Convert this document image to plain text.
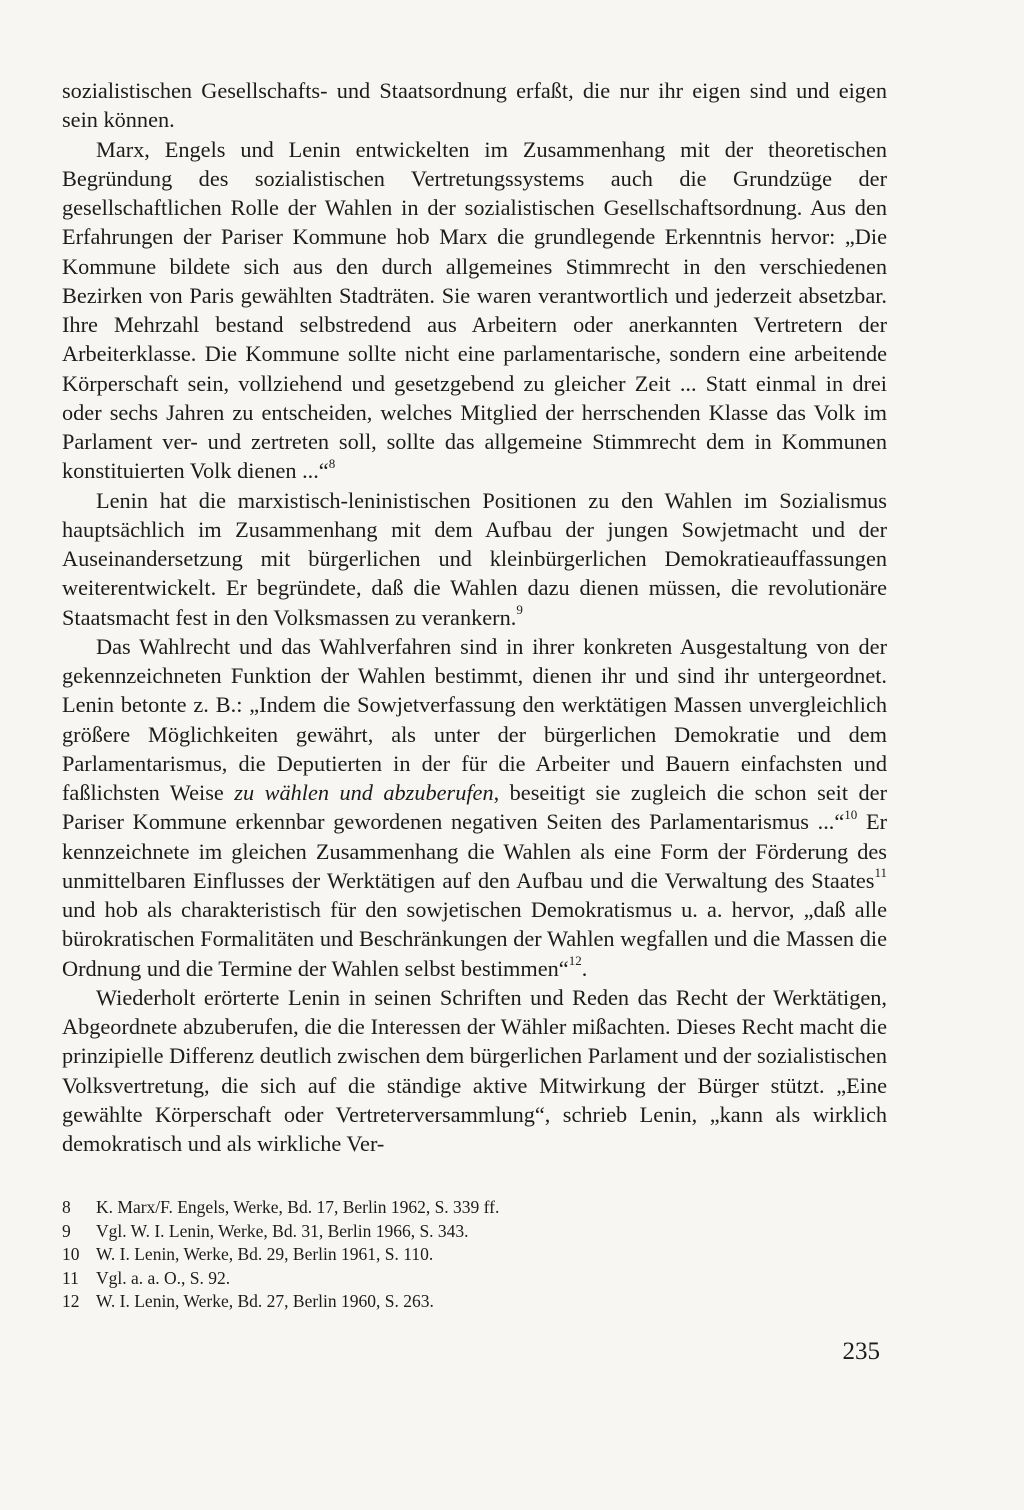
sozialistischen Gesellschafts- und Staatsordnung erfaßt, die nur ihr eigen sind und eigen sein können.

Marx, Engels und Lenin entwickelten im Zusammenhang mit der theoretischen Begründung des sozialistischen Vertretungssystems auch die Grundzüge der gesellschaftlichen Rolle der Wahlen in der sozialistischen Gesellschaftsordnung. Aus den Erfahrungen der Pariser Kommune hob Marx die grundlegende Erkenntnis hervor: „Die Kommune bildete sich aus den durch allgemeines Stimmrecht in den verschiedenen Bezirken von Paris gewählten Stadträten. Sie waren verantwortlich und jederzeit absetzbar. Ihre Mehrzahl bestand selbstredend aus Arbeitern oder anerkannten Vertretern der Arbeiterklasse. Die Kommune sollte nicht eine parlamentarische, sondern eine arbeitende Körperschaft sein, vollziehend und gesetzgebend zu gleicher Zeit ... Statt einmal in drei oder sechs Jahren zu entscheiden, welches Mitglied der herrschenden Klasse das Volk im Parlament ver- und zertreten soll, sollte das allgemeine Stimmrecht dem in Kommunen konstituierten Volk dienen ...“$^8$

Lenin hat die marxistisch-leninistischen Positionen zu den Wahlen im Sozialismus hauptsächlich im Zusammenhang mit dem Aufbau der jungen Sowjetmacht und der Auseinandersetzung mit bürgerlichen und kleinbürgerlichen Demokratieauffassungen weiterentwickelt. Er begründete, daß die Wahlen dazu dienen müssen, die revolutionäre Staatsmacht fest in den Volksmassen zu verankern.$^9$

Das Wahlrecht und das Wahlverfahren sind in ihrer konkreten Ausgestaltung von der gekennzeichneten Funktion der Wahlen bestimmt, dienen ihr und sind ihr untergeordnet. Lenin betonte z. B.: „Indem die Sowjetverfassung den werktätigen Massen unvergleichlich größere Möglichkeiten gewährt, als unter der bürgerlichen Demokratie und dem Parlamentarismus, die Deputierten in der für die Arbeiter und Bauern einfachsten und faßlichsten Weise zu wählen und abzuberufen, beseitigt sie zugleich die schon seit der Pariser Kommune erkennbar gewordenen negativen Seiten des Parlamentarismus ...“$^{10}$ Er kennzeichnete im gleichen Zusammenhang die Wahlen als eine Form der Förderung des unmittelbaren Einflusses der Werktätigen auf den Aufbau und die Verwaltung des Staates$^{11}$ und hob als charakteristisch für den sowjetischen Demokratismus u. a. hervor, „daß alle bürokratischen Formalitäten und Beschränkungen der Wahlen wegfallen und die Massen die Ordnung und die Termine der Wahlen selbst bestimmen“$^{12}$.

Wiederholt erörterte Lenin in seinen Schriften und Reden das Recht der Werktätigen, Abgeordnete abzuberufen, die die Interessen der Wähler mißachten. Dieses Recht macht die prinzipielle Differenz deutlich zwischen dem bürgerlichen Parlament und der sozialistischen Volksvertretung, die sich auf die ständige aktive Mitwirkung der Bürger stützt. „Eine gewählte Körperschaft oder Vertreterversammlung“, schrieb Lenin, „kann als wirklich demokratisch und als wirkliche Ver-

8	K. Marx/F. Engels, Werke, Bd. 17, Berlin 1962, S. 339 ff.
9	Vgl. W. I. Lenin, Werke, Bd. 31, Berlin 1966, S. 343.
10 W. I. Lenin, Werke, Bd. 29, Berlin 1961, S. 110.
11 Vgl. a. a. O., S. 92.
12 W. I. Lenin, Werke, Bd. 27, Berlin 1960, S. 263.
235
